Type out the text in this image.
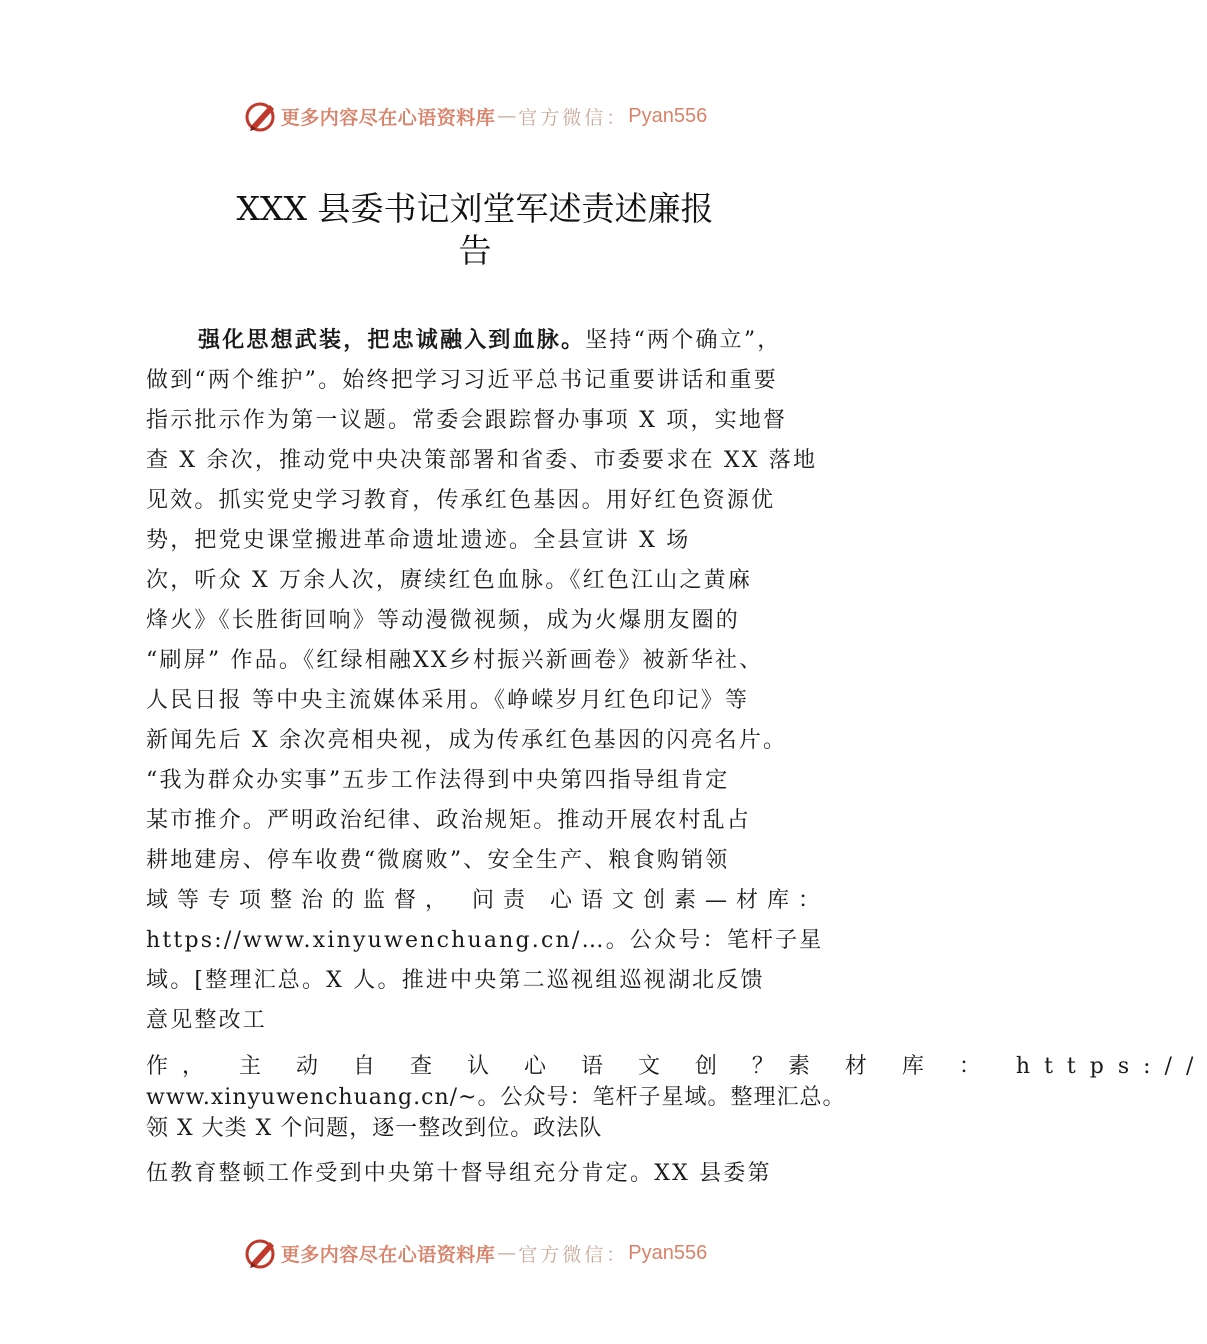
更多内容尽在心语资料库 — 官方微信： Pyan556
XXX 县委书记刘堂军述责述廉报
告
强化思想武装，把忠诚融入到血脉。坚持“两个确立”，
做到“两个维护”。始终把学习习近平总书记重要讲话和重要
指示批示作为第一议题。常委会跟踪督办事项 X 项，实地督
查 X 余次，推动党中央决策部署和省委、市委要求在 XX 落地
见效。抓实党史学习教育，传承红色基因。用好红色资源优
势，把党史课堂搬进革命遗址遗迹。全县宣讲 X 场
次，听众 X 万余人次，赓续红色血脉。《红色江山之黄麻
烽火》《长胜街回响》等动漫微视频，成为火爆朋友圈的
“刷屏” 作品。《红绿相融XX乡村振兴新画卷》被新华社、
人民日报 等中央主流媒体采用。《峥嵘岁月红色印记》等
新闻先后 X 余次亮相央视，成为传承红色基因的闪亮名片。
“我为群众办实事”五步工作法得到中央第四指导组肯定
某市推介。严明政治纪律、政治规矩。推动开展农村乱占
耕地建房、停车收费“微腐败”、安全生产、粮食购销领
域等专项整治的监督， 问责 心语文创素—材库：
https://www.xinyuwenchuang.cn/…。公众号：笔杆子星
域。[整理汇总。X 人。推进中央第二巡视组巡视湖北反馈
意见整改工
作， 主 动 自 查 认 心 语 文 创 ？素 材 库 ： https://
www.xinyuwenchuang.cn/~。公众号：笔杆子星域。整理汇总。
领 X 大类 X 个问题，逐一整改到位。政法队
伍教育整顿工作受到中央第十督导组充分肯定。XX 县委第
更多内容尽在心语资料库 — 官方微信： Pyan556
